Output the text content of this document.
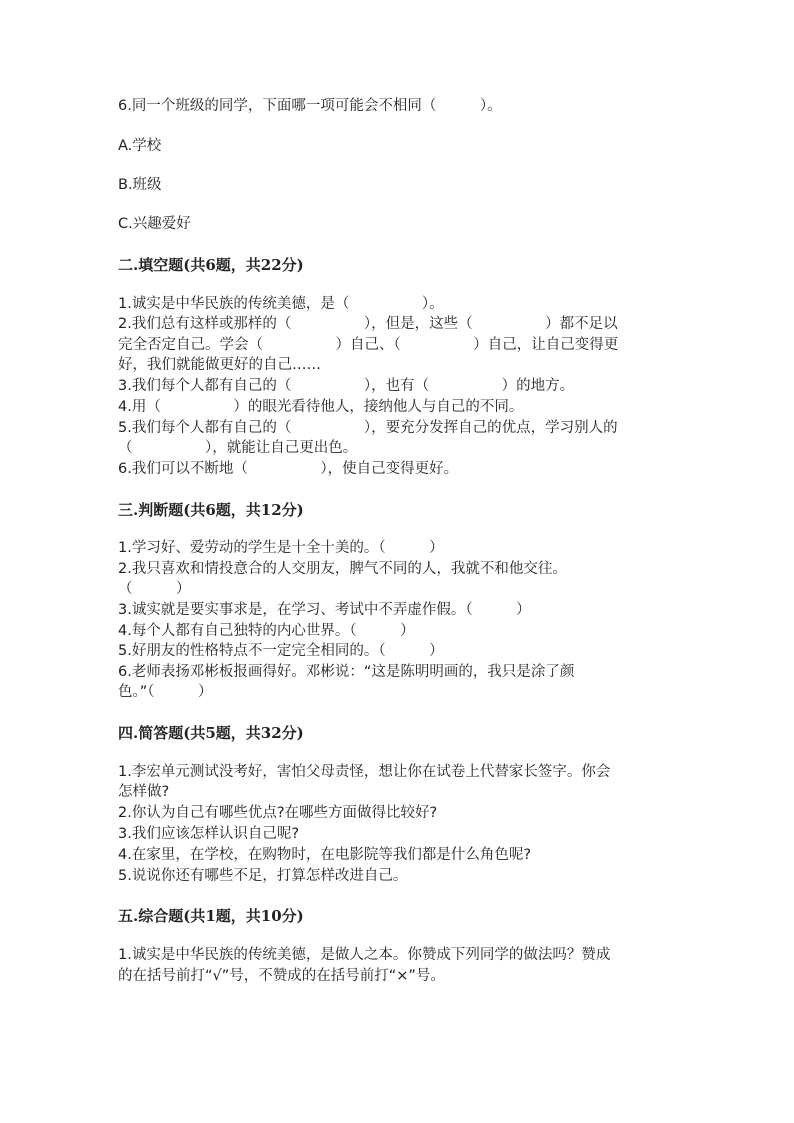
6.同一个班级的同学，下面哪一项可能会不相同（　　　）。
A.学校
B.班级
C.兴趣爱好
二.填空题(共6题，共22分)
1.诚实是中华民族的传统美德，是（　　　　　）。
2.我们总有这样或那样的（　　　　　），但是，这些（　　　　　）都不足以
完全否定自己。学会（　　　　　）自己、（　　　　　）自己，让自己变得更
好，我们就能做更好的自己……
3.我们每个人都有自己的（　　　　　），也有（　　　　　）的地方。
4.用（　　　　　）的眼光看待他人，接纳他人与自己的不同。
5.我们每个人都有自己的（　　　　　），要充分发挥自己的优点，学习别人的
（　　　　　），就能让自己更出色。
6.我们可以不断地（　　　　　），使自己变得更好。
三.判断题(共6题，共12分)
1.学习好、爱劳动的学生是十全十美的。（　　　）
2.我只喜欢和情投意合的人交朋友，脾气不同的人，我就不和他交往。
（　　　）
3.诚实就是要实事求是，在学习、考试中不弄虚作假。（　　　）
4.每个人都有自己独特的内心世界。（　　　）
5.好朋友的性格特点不一定完全相同的。（　　　）
6.老师表扬邓彬板报画得好。邓彬说：“这是陈明明画的，我只是涂了颜
色。”（　　　）
四.简答题(共5题，共32分)
1.李宏单元测试没考好，害怕父母责怪，想让你在试卷上代替家长签字。你会
怎样做?
2.你认为自己有哪些优点?在哪些方面做得比较好?
3.我们应该怎样认识自己呢?
4.在家里，在学校，在购物时，在电影院等我们都是什么角色呢?
5.说说你还有哪些不足，打算怎样改进自己。
五.综合题(共1题，共10分)
1.诚实是中华民族的传统美德，是做人之本。你赞成下列同学的做法吗？赞成
的在括号前打“√”号，不赞成的在括号前打“×”号。
